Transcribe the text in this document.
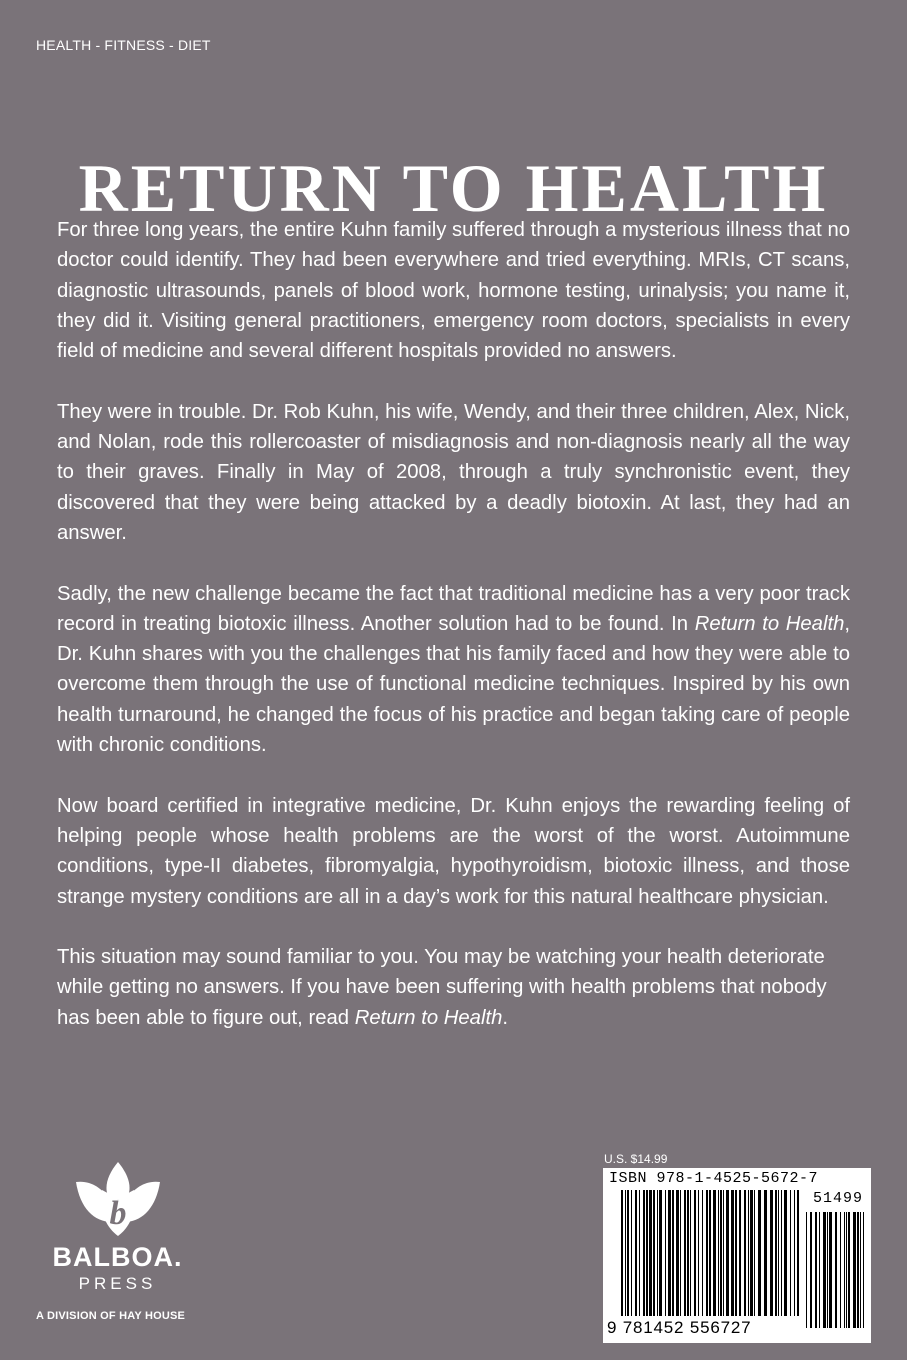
HEALTH - FITNESS - DIET
RETURN TO HEALTH

For three long years, the entire Kuhn family suffered through a mysterious illness that no doctor could identify. They had been everywhere and tried everything. MRIs, CT scans, diagnostic ultrasounds, panels of blood work, hormone testing, urinalysis; you name it, they did it. Visiting general practitioners, emergency room doctors, specialists in every field of medicine and several different hospitals provided no answers.

They were in trouble. Dr. Rob Kuhn, his wife, Wendy, and their three children, Alex, Nick, and Nolan, rode this rollercoaster of misdiagnosis and non-diagnosis nearly all the way to their graves. Finally in May of 2008, through a truly synchronistic event, they discovered that they were being attacked by a deadly biotoxin. At last, they had an answer.

Sadly, the new challenge became the fact that traditional medicine has a very poor track record in treating biotoxic illness. Another solution had to be found. In Return to Health, Dr. Kuhn shares with you the challenges that his family faced and how they were able to overcome them through the use of functional medicine techniques. Inspired by his own health turnaround, he changed the focus of his practice and began taking care of people with chronic conditions.

Now board certified in integrative medicine, Dr. Kuhn enjoys the rewarding feeling of helping people whose health problems are the worst of the worst. Autoimmune conditions, type-II diabetes, fibromyalgia, hypothyroidism, biotoxic illness, and those strange mystery conditions are all in a day’s work for this natural healthcare physician.

This situation may sound familiar to you. You may be watching your health deteriorate while getting no answers. If you have been suffering with health problems that nobody has been able to figure out, read Return to Health.

b
BALBOA.
PRESS
A DIVISION OF HAY HOUSE
U.S. $14.99
ISBN 978-1-4525-5672-7
51499
9 781452 556727
